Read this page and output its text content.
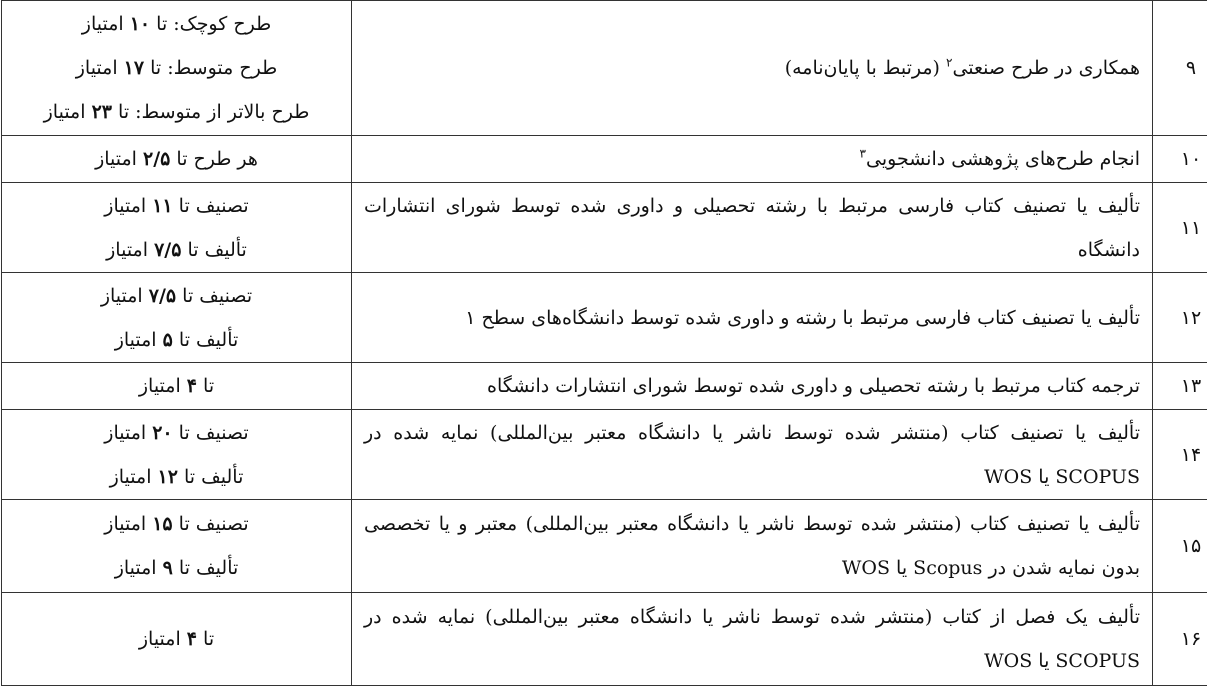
۹	همکاری در طرح صنعتی$^۲$ (مرتبط با پایان‌نامه)	طرح کوچک: تا ۱۰ امتیاز
طرح متوسط: تا ۱۷ امتیاز
طرح بالاتر از متوسط: تا ۲۳ امتیاز

۱۰	انجام طرح‌های پژوهشی دانشجویی$^۳$	هر طرح تا ۲/۵ امتیاز

۱۱	تألیف یا تصنیف کتاب فارسی مرتبط با رشته تحصیلی و داوری شده توسط شورای انتشارات دانشگاه	تصنیف تا ۱۱ امتیاز
تألیف تا ۷/۵ امتیاز

۱۲	تألیف یا تصنیف کتاب فارسی مرتبط با رشته و داوری شده توسط دانشگاه‌های سطح ۱	تصنیف تا ۷/۵ امتیاز
تألیف تا ۵ امتیاز

۱۳	ترجمه کتاب مرتبط با رشته تحصیلی و داوری شده توسط شورای انتشارات دانشگاه	تا ۴ امتیاز

۱۴	تألیف یا تصنیف کتاب (منتشر شده توسط ناشر یا دانشگاه معتبر بین‌المللی) نمایه شده در SCOPUS یا WOS	تصنیف تا ۲۰ امتیاز
تألیف تا ۱۲ امتیاز

۱۵	تألیف یا تصنیف کتاب (منتشر شده توسط ناشر یا دانشگاه معتبر بین‌المللی) معتبر و یا تخصصی بدون نمایه شدن در Scopus یا WOS	تصنیف تا ۱۵ امتیاز
تألیف تا ۹ امتیاز

۱۶	تألیف یک فصل از کتاب (منتشر شده توسط ناشر یا دانشگاه معتبر بین‌المللی) نمایه شده در SCOPUS یا WOS	تا ۴ امتیاز
